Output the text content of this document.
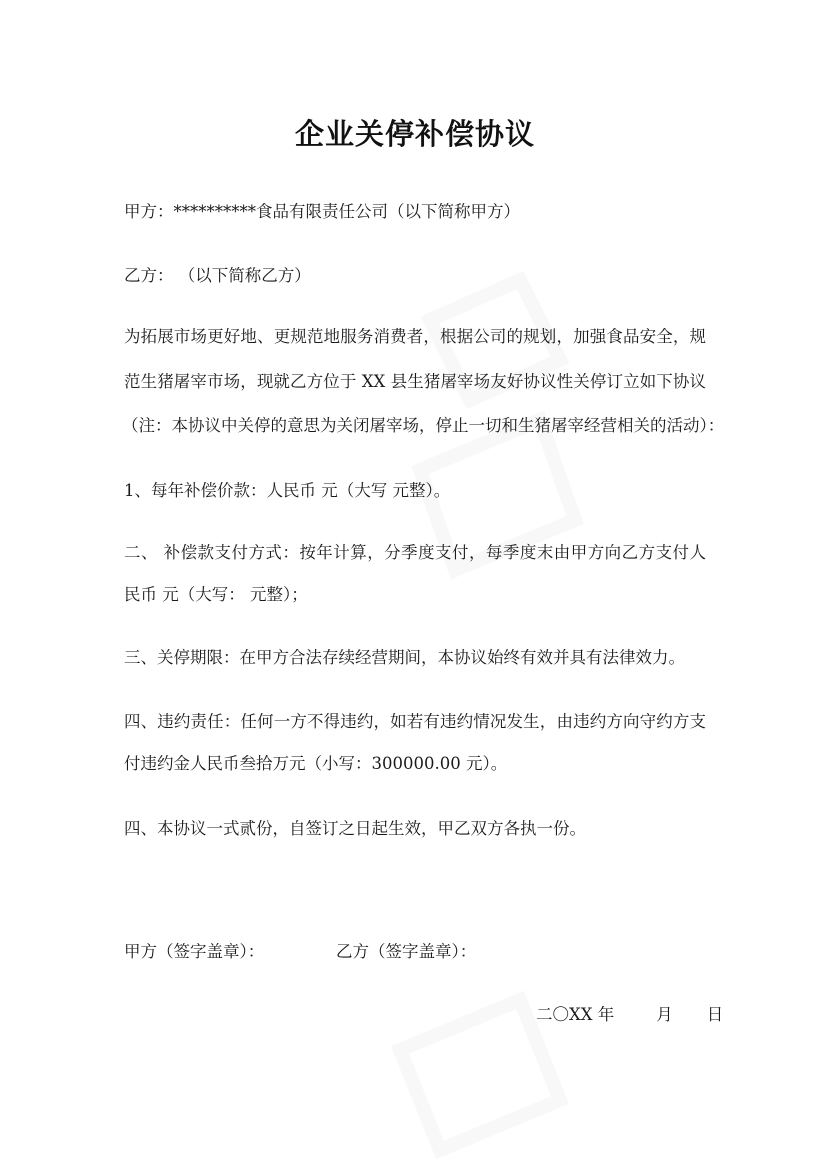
企业关停补偿协议
甲方：**********食品有限责任公司（以下简称甲方）
乙方： （以下简称乙方）
为拓展市场更好地、更规范地服务消费者，根据公司的规划，加强食品安全，规
范生猪屠宰市场，现就乙方位于 XX 县生猪屠宰场友好协议性关停订立如下协议
（注：本协议中关停的意思为关闭屠宰场，停止一切和生猪屠宰经营相关的活动）：
1、每年补偿价款：人民币 元（大写 元整）。
二、 补偿款支付方式：按年计算，分季度支付，每季度末由甲方向乙方支付人
民币 元（大写： 元整）；
三、关停期限：在甲方合法存续经营期间，本协议始终有效并具有法律效力。
四、违约责任：任何一方不得违约，如若有违约情况发生，由违约方向守约方支
付违约金人民币叁拾万元（小写：300000.00 元）。
四、本协议一式贰份，自签订之日起生效，甲乙双方各执一份。
甲方（签字盖章）：	乙方（签字盖章）：
二〇XX 年	月 日
